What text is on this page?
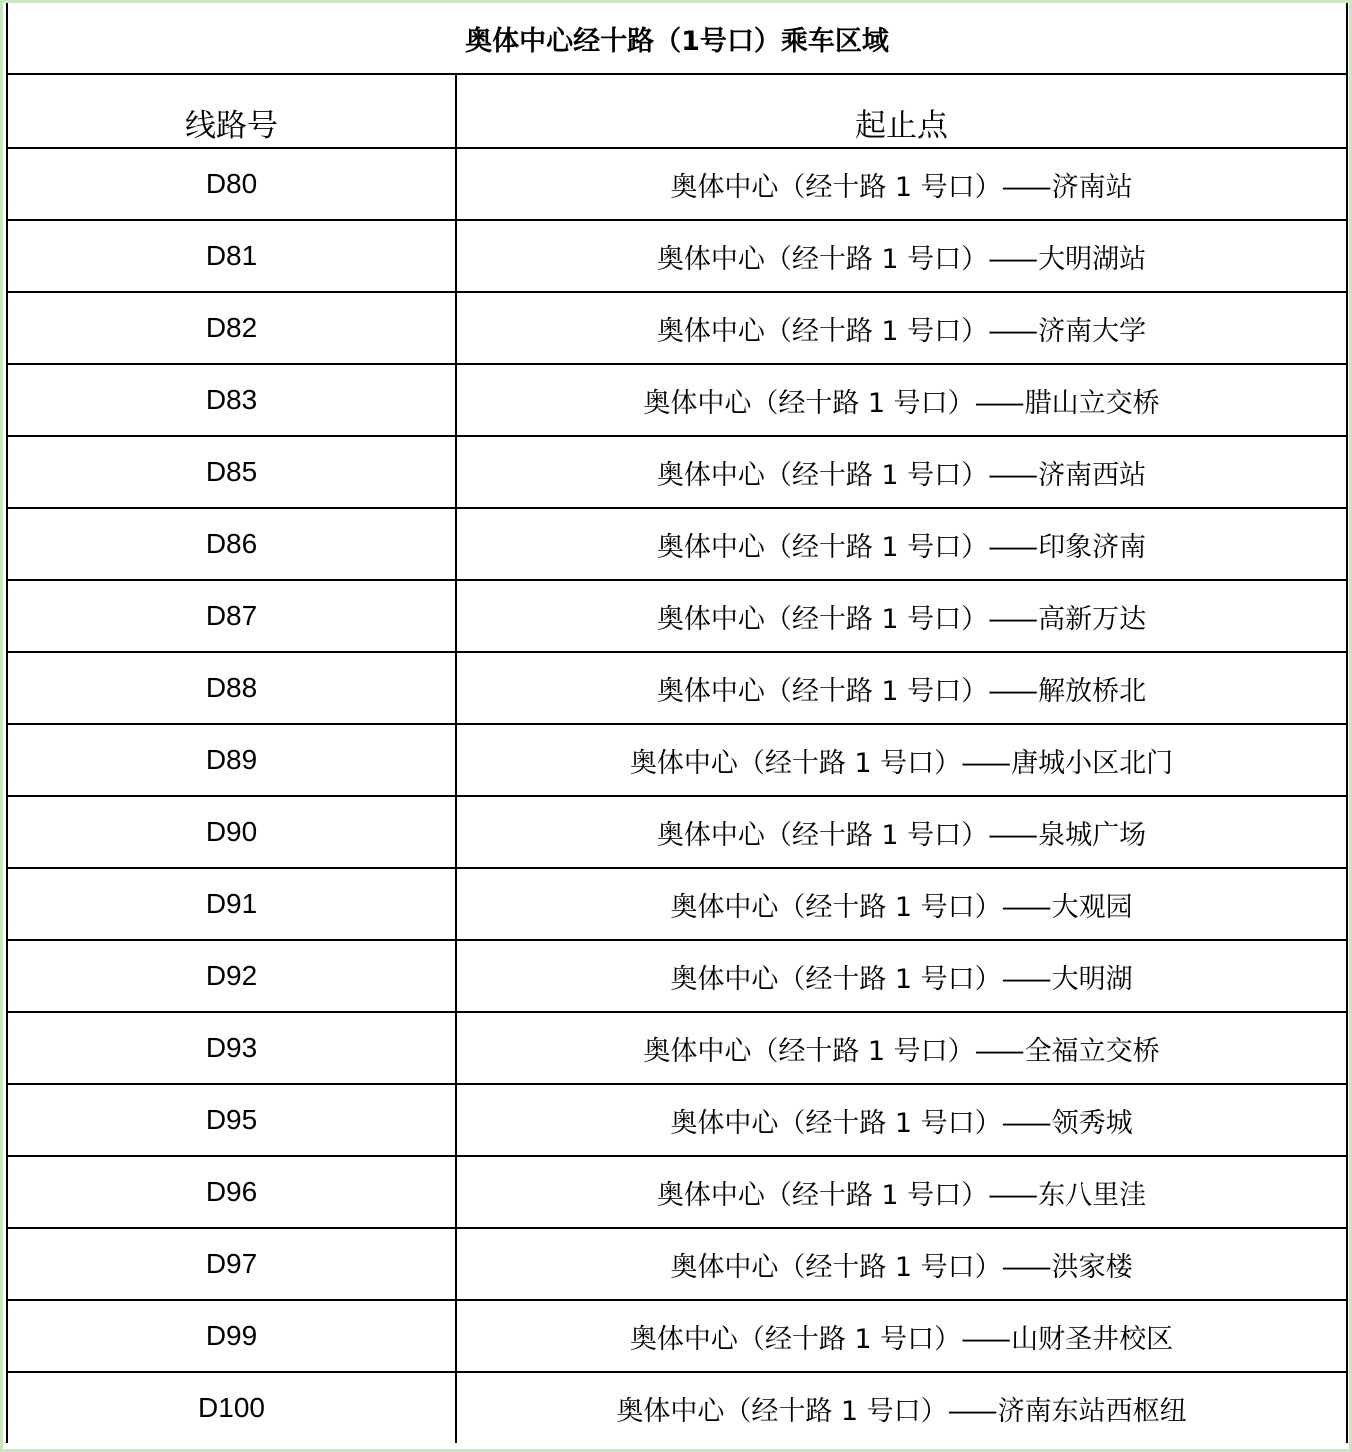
奥体中心经十路（1号口）乘车区域	
线路号	起止点
D80	奥体中心（经十路 1 号口）—— 济南站
D81	奥体中心（经十路 1 号口）—— 大明湖站
D82	奥体中心（经十路 1 号口）—— 济南大学
D83	奥体中心（经十路 1 号口）—— 腊山立交桥
D85	奥体中心（经十路 1 号口）—— 济南西站
D86	奥体中心（经十路 1 号口）—— 印象济南
D87	奥体中心（经十路 1 号口）—— 高新万达
D88	奥体中心（经十路 1 号口）—— 解放桥北
D89	奥体中心（经十路 1 号口）—— 唐城小区北门
D90	奥体中心（经十路 1 号口）—— 泉城广场
D91	奥体中心（经十路 1 号口）—— 大观园
D92	奥体中心（经十路 1 号口）—— 大明湖
D93	奥体中心（经十路 1 号口）—— 全福立交桥
D95	奥体中心（经十路 1 号口）—— 领秀城
D96	奥体中心（经十路 1 号口）—— 东八里洼
D97	奥体中心（经十路 1 号口）—— 洪家楼
D99	奥体中心（经十路 1 号口）—— 山财圣井校区
D100	奥体中心（经十路 1 号口）—— 济南东站西枢纽
